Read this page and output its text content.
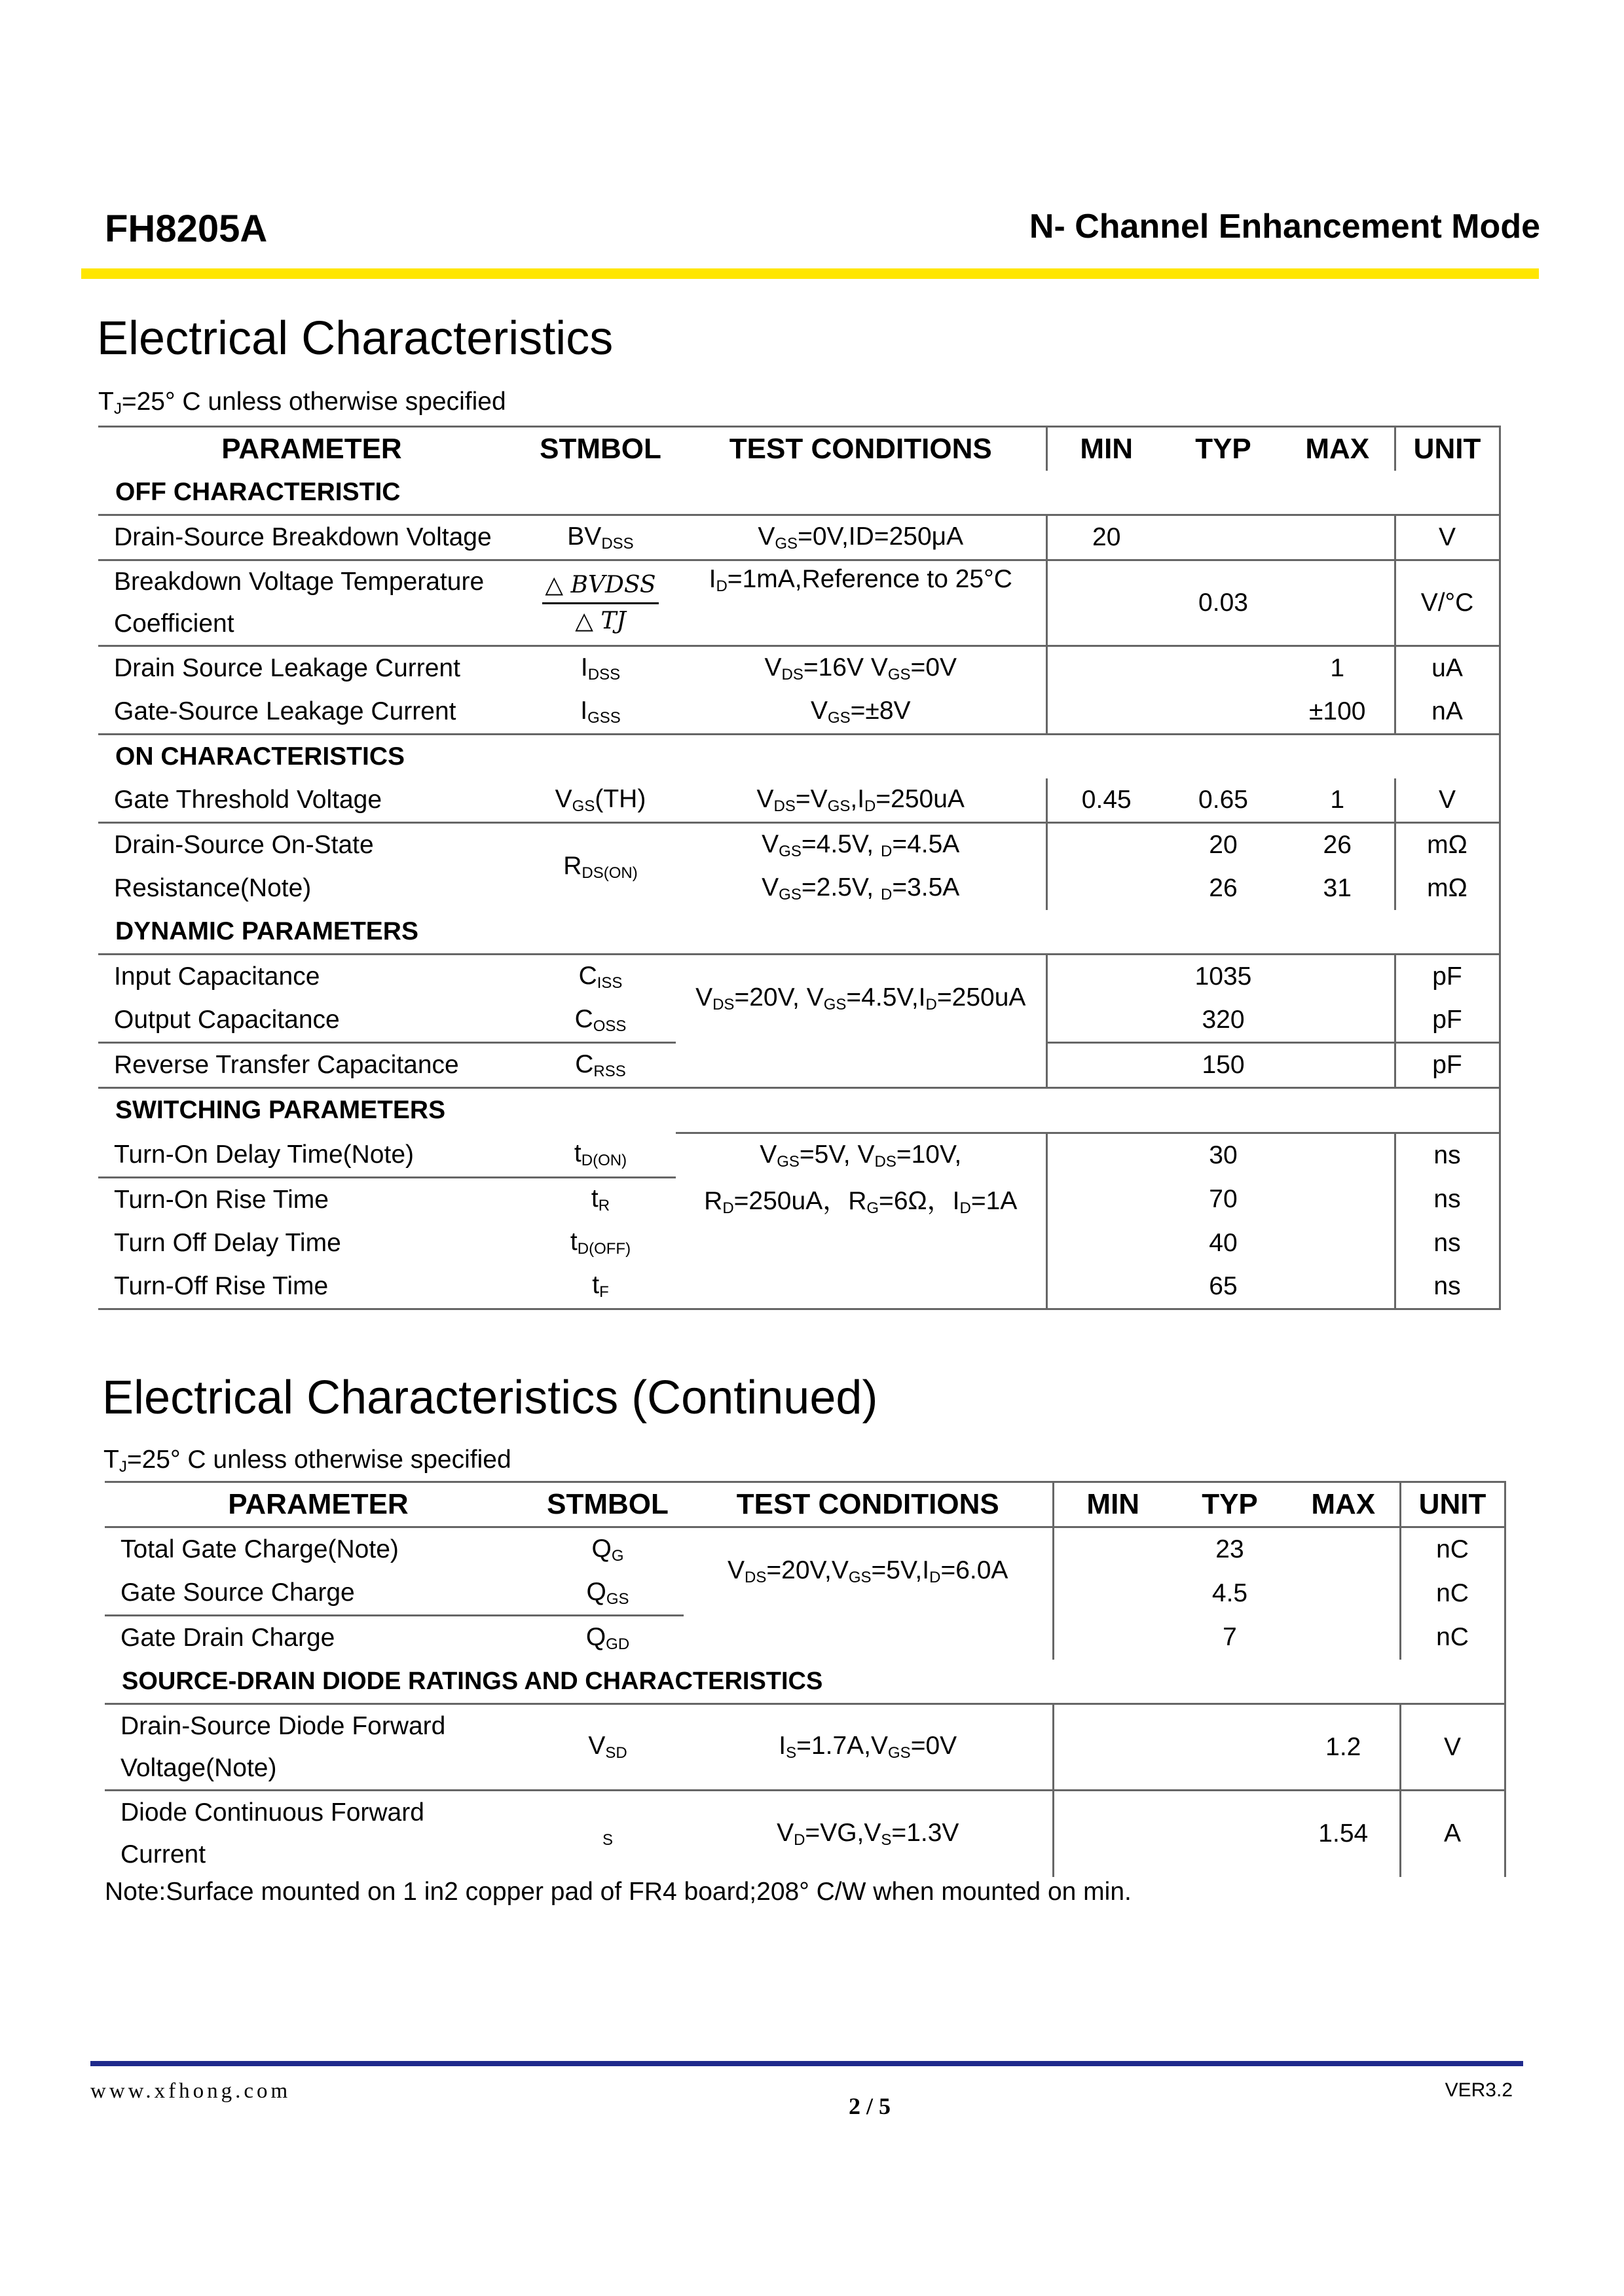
FH8205A	N- Channel Enhancement Mode
Electrical Characteristics
$T_J=25^\circ$ C unless otherwise specified
PARAMETER	STMBOL	TEST CONDITIONS	MIN	TYP	MAX	UNIT
OFF CHARACTERISTIC						
Drain-Source Breakdown Voltage	$BV_{DSS}$	$V_{GS}=0V,ID=250\mu A$	20			V
Breakdown Voltage Temperature Coefficient	$\frac{\text{△ BVDSS}}{\triangle TJ}$	$I_D=1mA,Reference$ to 25°C		0.03		V/°C
Drain Source Leakage Current	$I_{DSS}$	$V_{DS}=16V$ $V_{GS}=0V$			1	uA
Gate-Source Leakage Current	$I_{GSS}$	$V_{GS}=\pm 8V$			±100	nA
ON CHARACTERISTICS						
Gate Threshold Voltage	$V_{GS}(TH)$	$V_{DS}=V_{GS},I_D=250uA$	0.45	0.65	1	V
Drain-Source On-State	$R_{DS(ON)}$	$V_{GS}=4.5V$, $_D$=4.5A		20	26	mΩ
Resistance(Note)		$V_{GS}=2.5V$, $_D$=3.5A		26	31	mΩ
DYNAMIC PARAMETERS						
Input Capacitance	$C_{ISS}$	$V_{DS}=20V$, $V_{GS}=4.5V,I_D=250uA$		1035		pF
Output Capacitance	$C_{OSS}$			320		pF
Reverse Transfer Capacitance	$C_{RSS}$			150		pF
SWITCHING PARAMETERS						
Turn-On Delay Time(Note)	$t_{D(ON)}$	$V_{GS}=5V$, $V_{DS}=10V$,		30		ns
Turn-On Rise Time	$t_R$	$R_D=250uA$，$R_G=6\Omega$，$I_D=1A$		70		ns
Turn Off Delay Time	$t_{D(OFF)}$			40		ns
Turn-Off Rise Time	$t_F$			65		ns
Electrical Characteristics (Continued)
$T_J=25^\circ$ C unless otherwise specified
PARAMETER	STMBOL	TEST CONDITIONS	MIN	TYP	MAX	UNIT
Total Gate Charge(Note)	$Q_G$	$V_{DS}=20V,V_{GS}=5V,I_D=6.0A$		23		nC
Gate Source Charge	$Q_{GS}$			4.5		nC
Gate Drain Charge	$Q_{GD}$			7		nC
SOURCE-DRAIN DIODE RATINGS AND CHARACTERISTICS						

Drain-Source Diode Forward
Voltage(Note)	$V_{SD}$	$I_S=1.7A,V_{GS}=0V$			1.2	V

Diode Continuous Forward
Current	$_S$	$V_D=VG,V_S=1.3V$			1.54	A
Note:Surface mounted on 1 in2 copper pad of FR4 board;208° C/W when mounted on min.
www.xfhong.com
2 / 5
VER3.2
